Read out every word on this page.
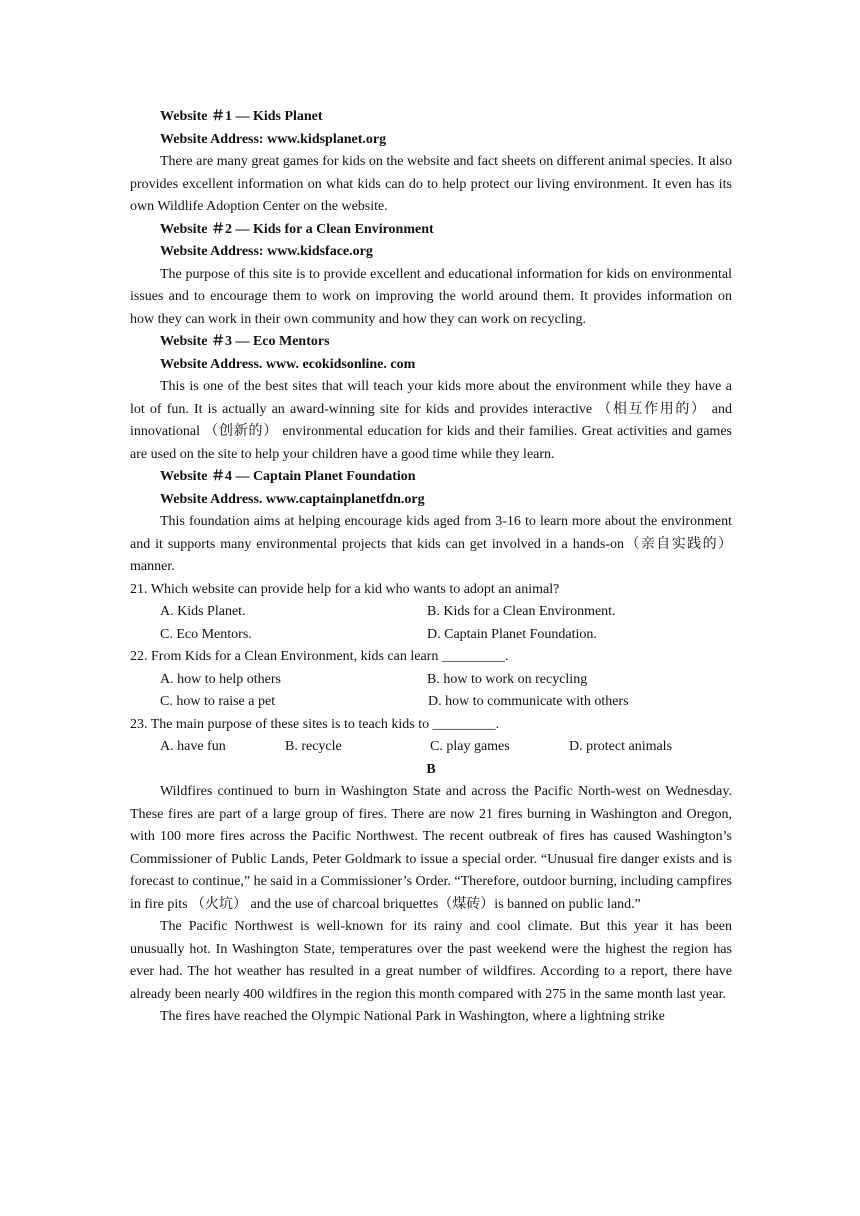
Website ＃1 — Kids Planet

Website Address: www.kidsplanet.org

There are many great games for kids on the website and fact sheets on different animal species. It also provides excellent information on what kids can do to help protect our living environment. It even has its own Wildlife Adoption Center on the website.

Website ＃2 — Kids for a Clean Environment

Website Address: www.kidsface.org

The purpose of this site is to provide excellent and educational information for kids on environmental issues and to encourage them to work on improving the world around them. It provides information on how they can work in their own community and how they can work on recycling.

Website ＃3 — Eco Mentors

Website Address. www. ecokidsonline. com

This is one of the best sites that will teach your kids more about the environment while they have a lot of fun. It is actually an award-winning site for kids and provides interactive （相互作用的） and innovational （创新的） environmental education for kids and their families. Great activities and games are used on the site to help your children have a good time while they learn.

Website ＃4 — Captain Planet Foundation

Website Address. www.captainplanetfdn.org

This foundation aims at helping encourage kids aged from 3-16 to learn more about the environment and it supports many environmental projects that kids can get involved in a hands-on（亲自实践的）manner.

21. Which website can provide help for a kid who wants to adopt an animal?

A. Kids Planet.	B. Kids for a Clean Environment.
C. Eco Mentors.	D. Captain Planet Foundation.

22. From Kids for a Clean Environment, kids can learn _________.

A. how to help others	B. how to work on recycling
C. how to raise a pet	D. how to communicate with others

23. The main purpose of these sites is to teach kids to _________.

A. have fun	B. recycle	C. play games	D. protect animals

B

Wildfires continued to burn in Washington State and across the Pacific North-west on Wednesday. These fires are part of a large group of fires. There are now 21 fires burning in Washington and Oregon, with 100 more fires across the Pacific Northwest. The recent outbreak of fires has caused Washington’s Commissioner of Public Lands, Peter Goldmark to issue a special order. “Unusual fire danger exists and is forecast to continue,” he said in a Commissioner’s Order. “Therefore, outdoor burning, including campfires in fire pits （火坑） and the use of charcoal briquettes（煤砖）is banned on public land.”

The Pacific Northwest is well-known for its rainy and cool climate. But this year it has been unusually hot. In Washington State, temperatures over the past weekend were the highest the region has ever had. The hot weather has resulted in a great number of wildfires. According to a report, there have already been nearly 400 wildfires in the region this month compared with 275 in the same month last year.

The fires have reached the Olympic National Park in Washington, where a lightning strike
